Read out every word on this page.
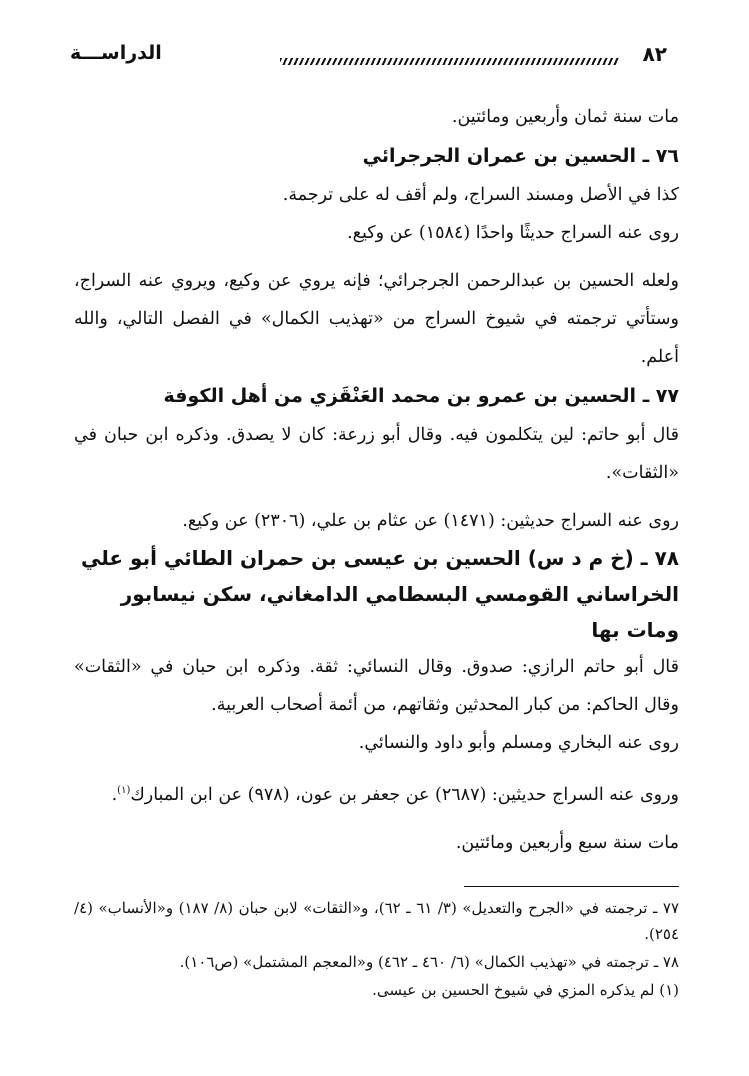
الدراســـة	٨٢

مات سنة ثمان وأربعين ومائتين.

٧٦ ـ الحسين بن عمران الجرجرائي

كذا في الأصل ومسند السراج، ولم أقف له على ترجمة.

روى عنه السراج حديثًا واحدًا (١٥٨٤) عن وكيع.

ولعله الحسين بن عبدالرحمن الجرجرائي؛ فإنه يروي عن وكيع، ويروي عنه السراج، وستأتي ترجمته في شيوخ السراج من «تهذيب الكمال» في الفصل التالي، والله أعلم.

٧٧ ـ الحسين بن عمرو بن محمد العَنْقَزي من أهل الكوفة

قال أبو حاتم: لين يتكلمون فيه. وقال أبو زرعة: كان لا يصدق. وذكره ابن حبان في «الثقات».

روى عنه السراج حديثين: (١٤٧١) عن عثام بن علي، (٢٣٠٦) عن وكيع.

٧٨ ـ (خ م د س) الحسين بن عيسى بن حمران الطائي أبو علي الخراساني القومسي البسطامي الدامغاني، سكن نيسابور ومات بها

قال أبو حاتم الرازي: صدوق. وقال النسائي: ثقة. وذكره ابن حبان في «الثقات» وقال الحاكم: من كبار المحدثين وثقاتهم، من أئمة أصحاب العربية.

روى عنه البخاري ومسلم وأبو داود والنسائي.

وروى عنه السراج حديثين: (٢٦٨٧) عن جعفر بن عون، (٩٧٨) عن ابن المبارك$^{(١)}$.

مات سنة سبع وأربعين ومائتين.

٧٧ ـ ترجمته في «الجرح والتعديل» (٣/ ٦١ ـ ٦٢)، و«الثقات» لابن حبان (٨/ ١٨٧) و«الأنساب» (٤/ ٢٥٤).

٧٨ ـ ترجمته في «تهذيب الكمال» (٦/ ٤٦٠ ـ ٤٦٢) و«المعجم المشتمل» (ص١٠٦).

(١) لم يذكره المزي في شيوخ الحسين بن عيسى.
